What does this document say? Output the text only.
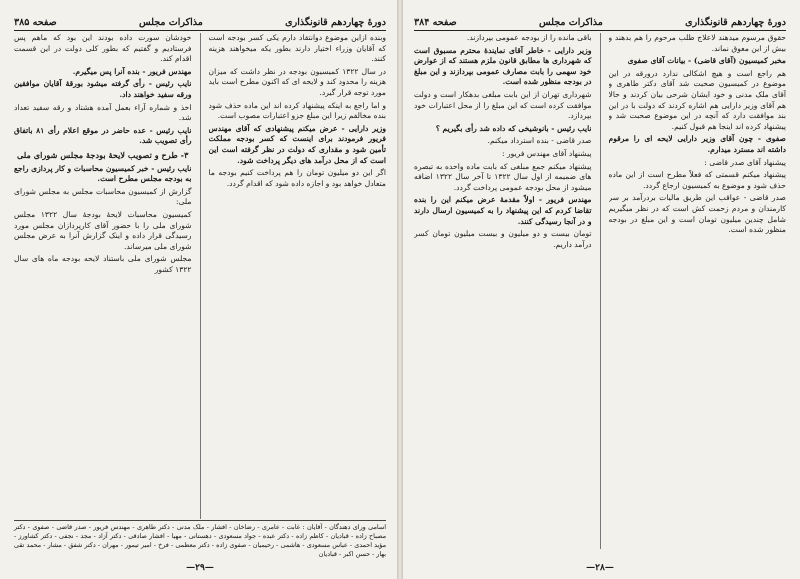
دورهٔ چهاردهم قانونگذاری
مذاکرات مجلس
صفحه ۳۸۵

وبنده ازاین موضوع دوانتقاد دارم یکی کسر بودجه است که آقایان وزراء اختیار دارند بطور یکه میخواهند هزینه کنند.

در سال ۱۳۲۲ کمیسیون بودجه در نظر داشت که میزان هزینه را محدود کند و لایحه ای که اکنون مطرح است باید مورد توجه قرار گیرد.

و اما راجع به اینکه پیشنهاد کرده اند این ماده حذف شود بنده مخالفم زیرا این مبلغ جزو اعتبارات مصوب است.

وزیر دارایی - عرض میکنم پیشنهادی که آقای مهندس فریور فرمودند برای اینست که کسر بودجه مملکت تأمین شود و مقداری که دولت در نظر گرفته است این است که از محل درآمد های دیگر پرداخت شود.

اگر این دو میلیون تومان را هم پرداخت کنیم بودجه ما متعادل خواهد بود و اجازه داده شود که اقدام گردد.

خودشان سورت داده بودند این بود که ماهم پس فرستادیم و گفتیم که بطور کلی دولت در این قسمت اقدام کند.

مهندس فریور - بنده آنرا پس میگیرم.

نایب رئیس - رأی گرفته میشود بورقهٔ آقایان موافقین ورقه سفید خواهند داد.

اخذ و شماره آراء بعمل آمده هشتاد و رقه سفید تعداد شد.

نایب رئیس - عده حاضر در موقع اعلام رأی ۸۱ باتفاق رأی تصویب شد.

۳- طرح و تصویب لایحهٔ بودجهٔ مجلس شورای ملی

نایب رئیس - خبر کمیسیون محاسبات و کار پردازی راجع به بودجه مجلس مطرح است.

گزارش از کمیسیون محاسبات مجلس به مجلس شورای ملی:

کمیسیون محاسبات لایحهٔ بودجهٔ سال ۱۳۲۲ مجلس شورای ملی را با حضور آقای کارپردازان مجلس مورد رسیدگی قرار داده و اینک گزارش آنرا به عرض مجلس شورای ملی میرساند.

مجلس شورای ملی باستناد لایحه بودجه ماه های سال ۱۳۲۲ کشور

اسامی ورای دهندگان - آقایان : غابت - عامری - رضاخان - افشار - ملک مدنی - دکتر طاهری - مهندس فریور - صدر قاضی - صفوی - دکتر مصباح زاده - قبادیان - کاظم زاده - دکتر عبده - جواد مسعودی - دهستانی - مهیا - افشار صادقی - دکتر آزاد - مجد - نجفی - دکتر کشاورز - مؤید احمدی - عباس مسعودی - هاشمی - رحیمیان - صفوی زاده - دکتر معظمی - فرخ - امیر تیمور - مهران - دکتر شفق - مشار - محمد تقی بهار - حسن اکبر - قبادیان
—۲۹—
دورهٔ چهاردهم قانونگذاری
مذاکرات مجلس
صفحه ۳۸۴

حقوق مرسوم میدهند لاعلاج طلب مرحوم را هم بدهند و بیش از این معوق نماند.

مخبر کمیسیون (آقای قاضی) - بیانات آقای صفوی

هم راجع است و هیچ اشکالی ندارد درورقه در این موضوع در کمیسیون صحبت شد آقای دکتر طاهری و آقای ملک مدنی و خود ایشان شرحی بیان کردند و حالا هم آقای وزیر دارایی هم اشاره کردند که دولت با در این بند موافقت دارد که آنچه در این موضوع صحبت شد و پیشنهاد کرده اند اینجا هم قبول کنیم.

صفوی - چون آقای وزیر دارایی لایحه ای را مرقوم داشته اند مسترد میدارم.

پیشنهاد آقای صدر قاضی :

پیشنهاد میکنم قسمتی که فعلاً مطرح است از این ماده حذف شود و موضوع به کمیسیون ارجاع گردد.

صدر قاضی - عواقب این طریق مالیات بردرآمد بر سر کارمندان و مردم زحمت کش است که در نظر میگیریم شامل چندین میلیون تومان است و این مبلغ در بودجه منظور شده است.

باقی مانده را از بودجه عمومی بپردازند.

وزیر دارایی - خاطر آقای نمایندهٔ محترم مسبوق است که شهرداری ها مطابق قانون ملزم هستند که از عوارض خود سهمی را بابت مصارف عمومی بپردازند و این مبلغ در بودجه منظور شده است.

شهرداری تهران از این بابت مبلغی بدهکار است و دولت موافقت کرده است که این مبلغ را از محل اعتبارات خود بپردازد.

نایب رئیس - بانوشیخی که داده شد رأی بگیریم ؟

صدر قاضی - بنده استرداد میکنم.

پیشنهاد آقای مهندس فریور :

پیشنهاد میکنم جمع مبلغی که بابت ماده واحده به تبصره های ضمیمه از اول سال ۱۳۲۲ تا آخر سال ۱۳۲۲ اضافه میشود از محل بودجه عمومی پرداخت گردد.

مهندس فریور - اولاً مقدمهٔ عرض میکنم این را بنده تقاضا کردم که این پیشنهاد را به کمیسیون ارسال دارند و در آنجا رسیدگی کنند.

تومان بیست و دو میلیون و بیست میلیون تومان کسر درآمد داریم.

—۲۸—
